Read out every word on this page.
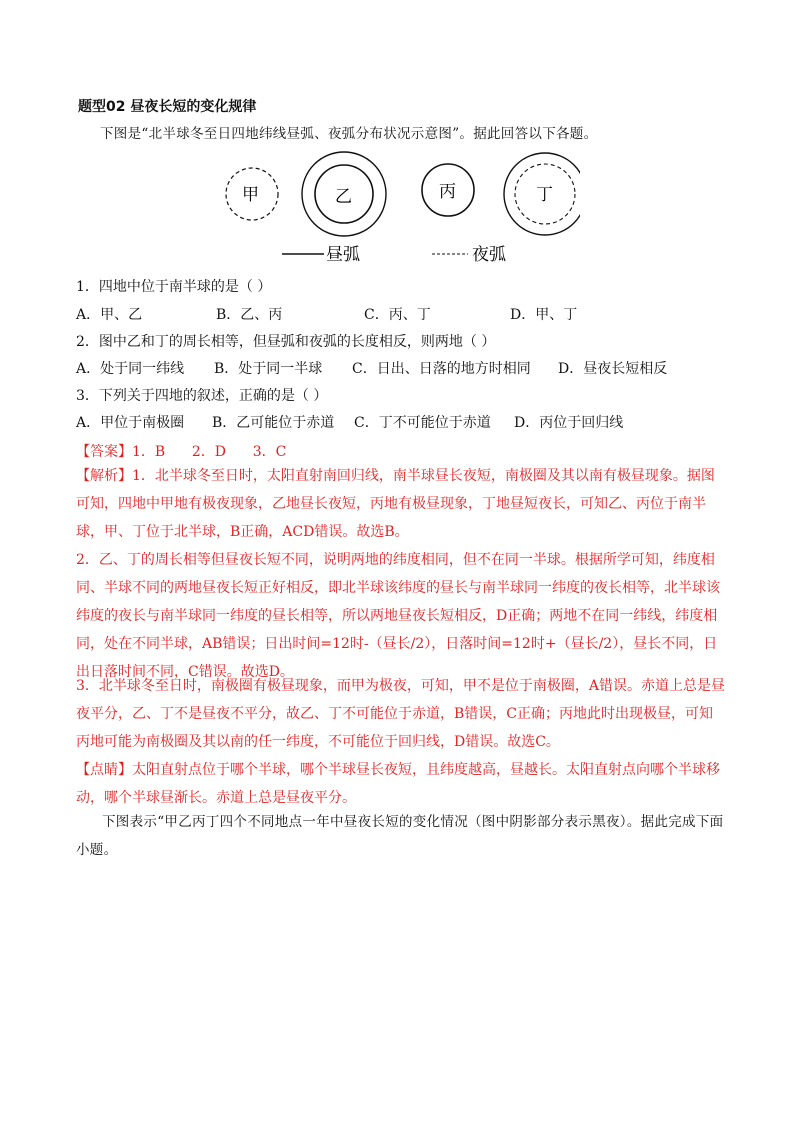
题型02 昼夜长短的变化规律
下图是“北半球冬至日四地纬线昼弧、夜弧分布状况示意图”。据此回答以下各题。
甲	乙	丙	丁
昼弧	夜弧
1．四地中位于南半球的是（ ）
A．甲、乙	B．乙、丙	C．丙、丁	D．甲、丁
2．图中乙和丁的周长相等，但昼弧和夜弧的长度相反，则两地（ ）
A．处于同一纬线 B．处于同一半球 C．日出、日落的地方时相同 D．昼夜长短相反
3．下列关于四地的叙述，正确的是（ ）
A．甲位于南极圈 B．乙可能位于赤道 C．丁不可能位于赤道 D．丙位于回归线
【答案】1．B      2．D      3．C
【解析】1．北半球冬至日时，太阳直射南回归线，南半球昼长夜短，南极圈及其以南有极昼现象。据图可知，四地中甲地有极夜现象，乙地昼长夜短，丙地有极昼现象，丁地昼短夜长，可知乙、丙位于南半球，甲、丁位于北半球，B正确，ACD错误。故选B。
2．乙、丁的周长相等但昼夜长短不同，说明两地的纬度相同，但不在同一半球。根据所学可知，纬度相同、半球不同的两地昼夜长短正好相反，即北半球该纬度的昼长与南半球同一纬度的夜长相等，北半球该纬度的夜长与南半球同一纬度的昼长相等，所以两地昼夜长短相反，D正确；两地不在同一纬线，纬度相同，处在不同半球，AB错误；日出时间=12时-（昼长/2），日落时间=12时+（昼长/2），昼长不同，日出日落时间不同，C错误。故选D。
3．北半球冬至日时，南极圈有极昼现象，而甲为极夜，可知，甲不是位于南极圈，A错误。赤道上总是昼夜平分，乙、丁不是昼夜不平分，故乙、丁不可能位于赤道，B错误，C正确；丙地此时出现极昼，可知丙地可能为南极圈及其以南的任一纬度，不可能位于回归线，D错误。故选C。
【点睛】太阳直射点位于哪个半球，哪个半球昼长夜短，且纬度越高，昼越长。太阳直射点向哪个半球移动，哪个半球昼渐长。赤道上总是昼夜平分。
下图表示“甲乙丙丁四个不同地点一年中昼夜长短的变化情况（图中阴影部分表示黑夜）。据此完成下面小题。
